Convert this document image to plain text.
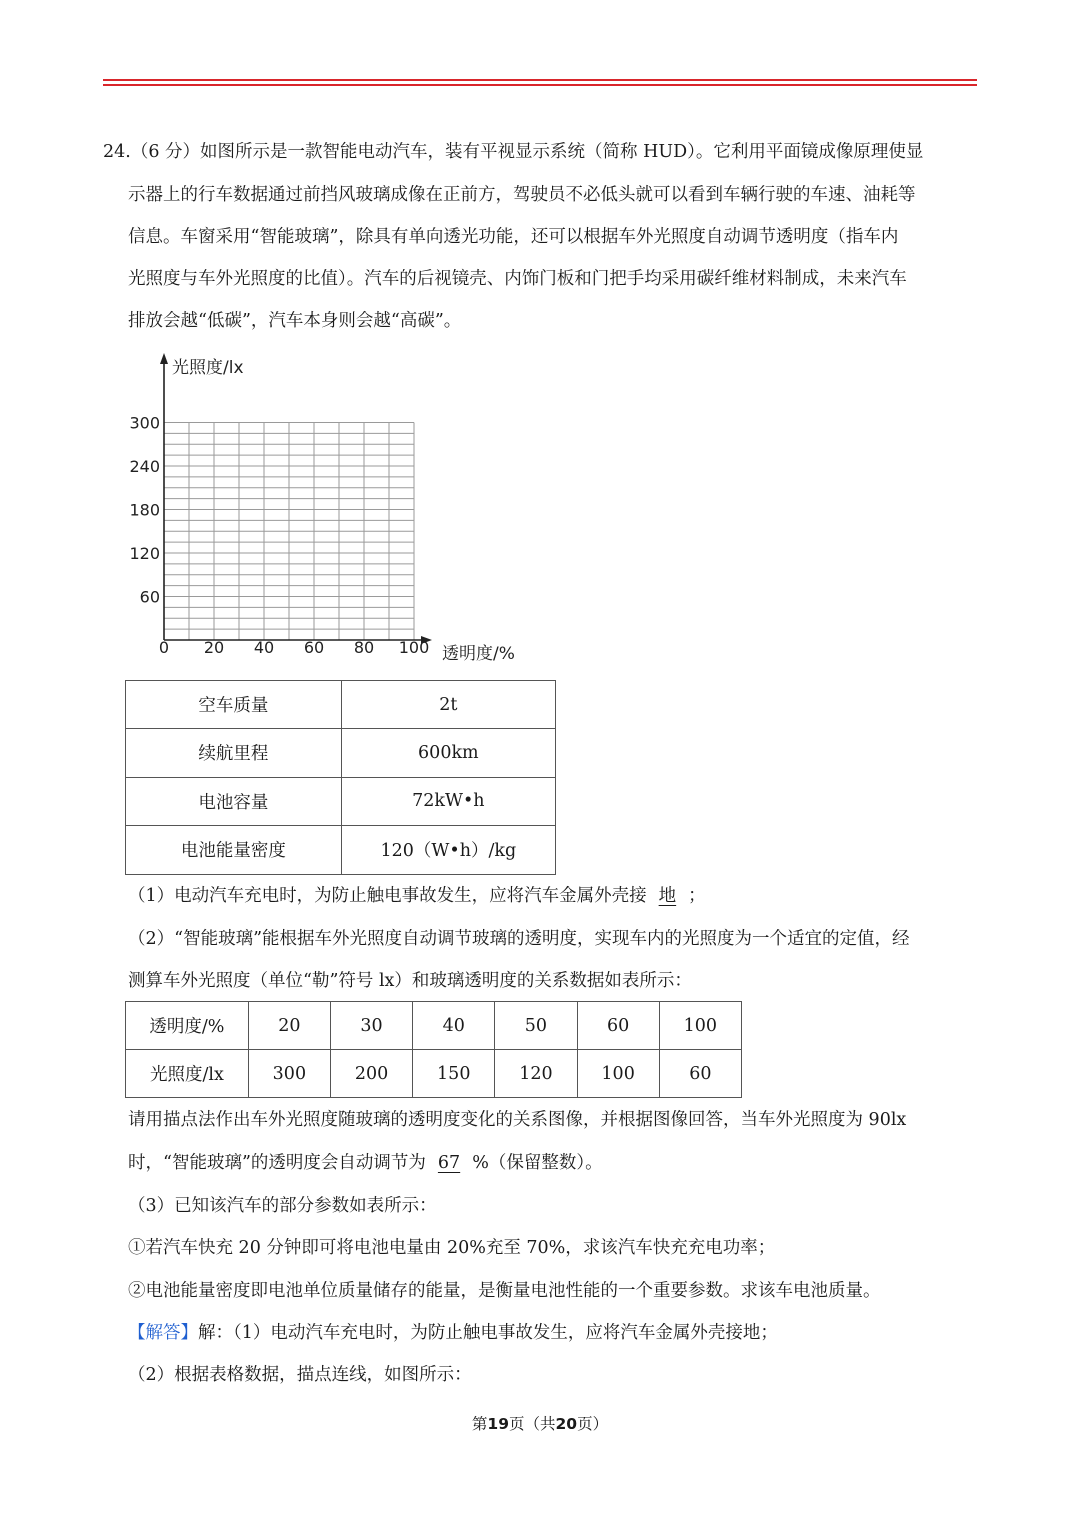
24.（6 分）如图所示是一款智能电动汽车，装有平视显示系统（简称 HUD）。它利用平面镜成像原理使显
示器上的行车数据通过前挡风玻璃成像在正前方，驾驶员不必低头就可以看到车辆行驶的车速、油耗等
信息。车窗采用“智能玻璃”，除具有单向透光功能，还可以根据车外光照度自动调节透明度（指车内
光照度与车外光照度的比值）。汽车的后视镜壳、内饰门板和门把手均采用碳纤维材料制成，未来汽车
排放会越“低碳”，汽车本身则会越“高碳”。
光照度/lx
透明度/%
0 20 40 60 80 100
60
120
180
240
300
空车质量	2t
续航里程	600km
电池容量	72kW•h
电池能量密度	120（W•h）/kg
（1）电动汽车充电时，为防止触电事故发生，应将汽车金属外壳接 地 ；
（2）“智能玻璃”能根据车外光照度自动调节玻璃的透明度，实现车内的光照度为一个适宜的定值，经
测算车外光照度（单位“勒”符号 lx）和玻璃透明度的关系数据如表所示：
透明度/%	20	30	40	50	60	100
光照度/lx	300	200	150	120	100	60
请用描点法作出车外光照度随玻璃的透明度变化的关系图像，并根据图像回答，当车外光照度为 90lx
时，“智能玻璃”的透明度会自动调节为 67 %（保留整数）。
（3）已知该汽车的部分参数如表所示：
①若汽车快充 20 分钟即可将电池电量由 20%充至 70%，求该汽车快充充电功率；
②电池能量密度即电池单位质量储存的能量，是衡量电池性能的一个重要参数。求该车电池质量。
【解答】解：（1）电动汽车充电时，为防止触电事故发生，应将汽车金属外壳接地；
（2）根据表格数据，描点连线，如图所示：
第19页（共20页）
